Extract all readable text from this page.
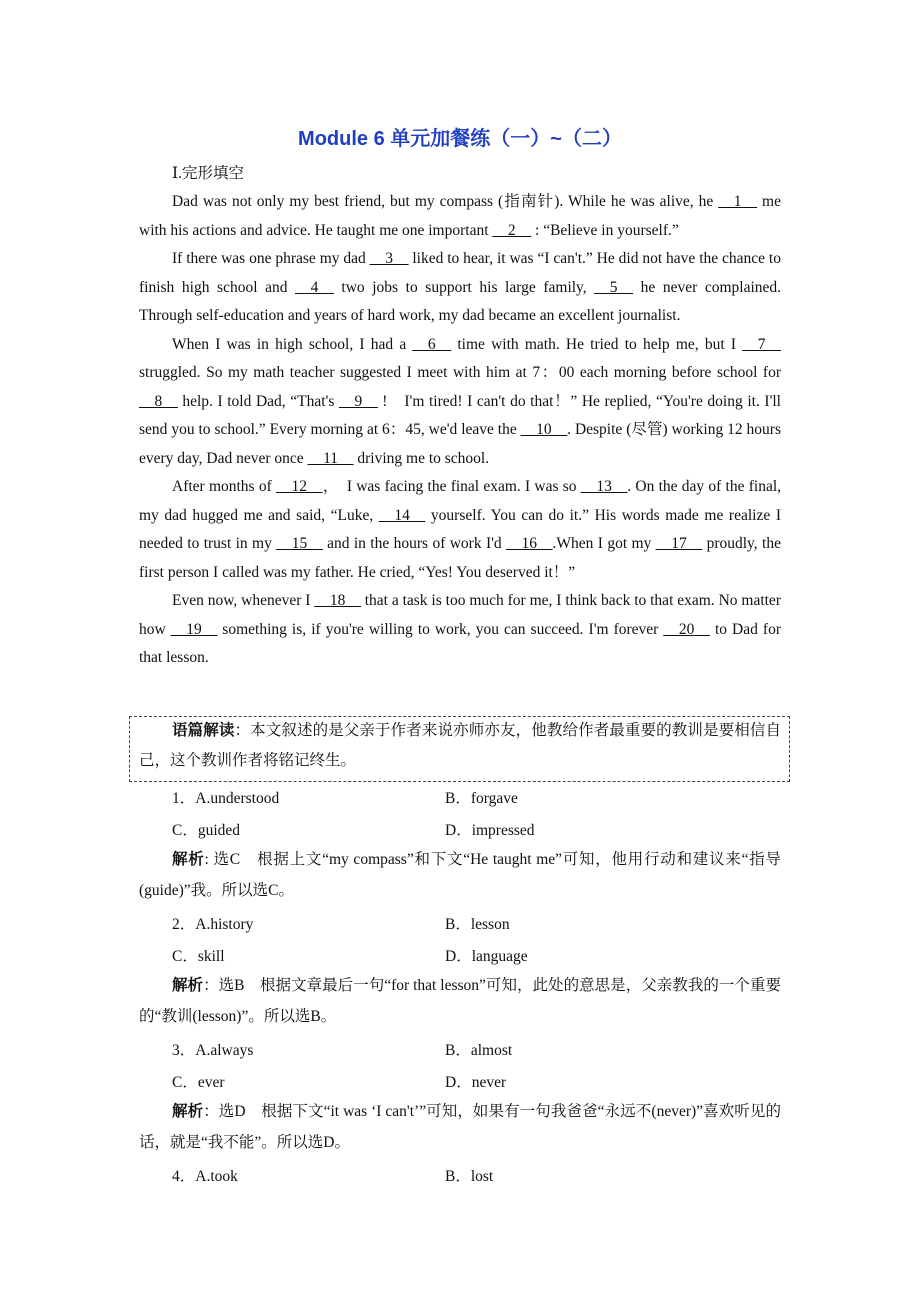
Module 6 单元加餐练（一）~（二）
Ⅰ.完形填空

Dad was not only my best friend, but my compass (指南针). While he was alive, he __1__ me with his actions and advice. He taught me one important __2__ : “Believe in yourself.”

If there was one phrase my dad __3__ liked to hear, it was “I can't.” He did not have the chance to finish high school and __4__ two jobs to support his large family, __5__ he never complained. Through self-education and years of hard work, my dad became an excellent journalist.

When I was in high school, I had a __6__ time with math. He tried to help me, but I __7__ struggled. So my math teacher suggested I meet with him at 7：00 each morning before school for __8__ help. I told Dad, “That's __9__ !　I'm tired! I can't do that！” He replied, “You're doing it. I'll send you to school.” Every morning at 6：45, we'd leave the __10__. Despite (尽管) working 12 hours every day, Dad never once __11__ driving me to school.

After months of __12__，　I was facing the final exam. I was so __13__. On the day of the final, my dad hugged me and said, “Luke, __14__ yourself. You can do it.” His words made me realize I needed to trust in my __15__ and in the hours of work I'd __16__.When I got my __17__ proudly, the first person I called was my father. He cried, “Yes! You deserved it！”

Even now, whenever I __18__ that a task is too much for me, I think back to that exam. No matter how __19__ something is, if you're willing to work, you can succeed. I'm forever __20__ to Dad for that lesson.

语篇解读：本文叙述的是父亲于作者来说亦师亦友，他教给作者最重要的教训是要相信自己，这个教训作者将铭记终生。
1．A.understood	B．forgave
C．guided	D．impressed
解析: 选C　根据上文“my compass”和下文“He taught me”可知，他用行动和建议来“指导(guide)”我。所以选C。
2．A.history	B．lesson
C．skill	D．language
解析：选B　根据文章最后一句“for that lesson”可知，此处的意思是，父亲教我的一个重要的“教训(lesson)”。所以选B。
3．A.always	B．almost
C．ever	D．never
解析：选D　根据下文“it was ‘I can't’”可知，如果有一句我爸爸“永远不(never)”喜欢听见的话，就是“我不能”。所以选D。
4．A.took	B．lost
